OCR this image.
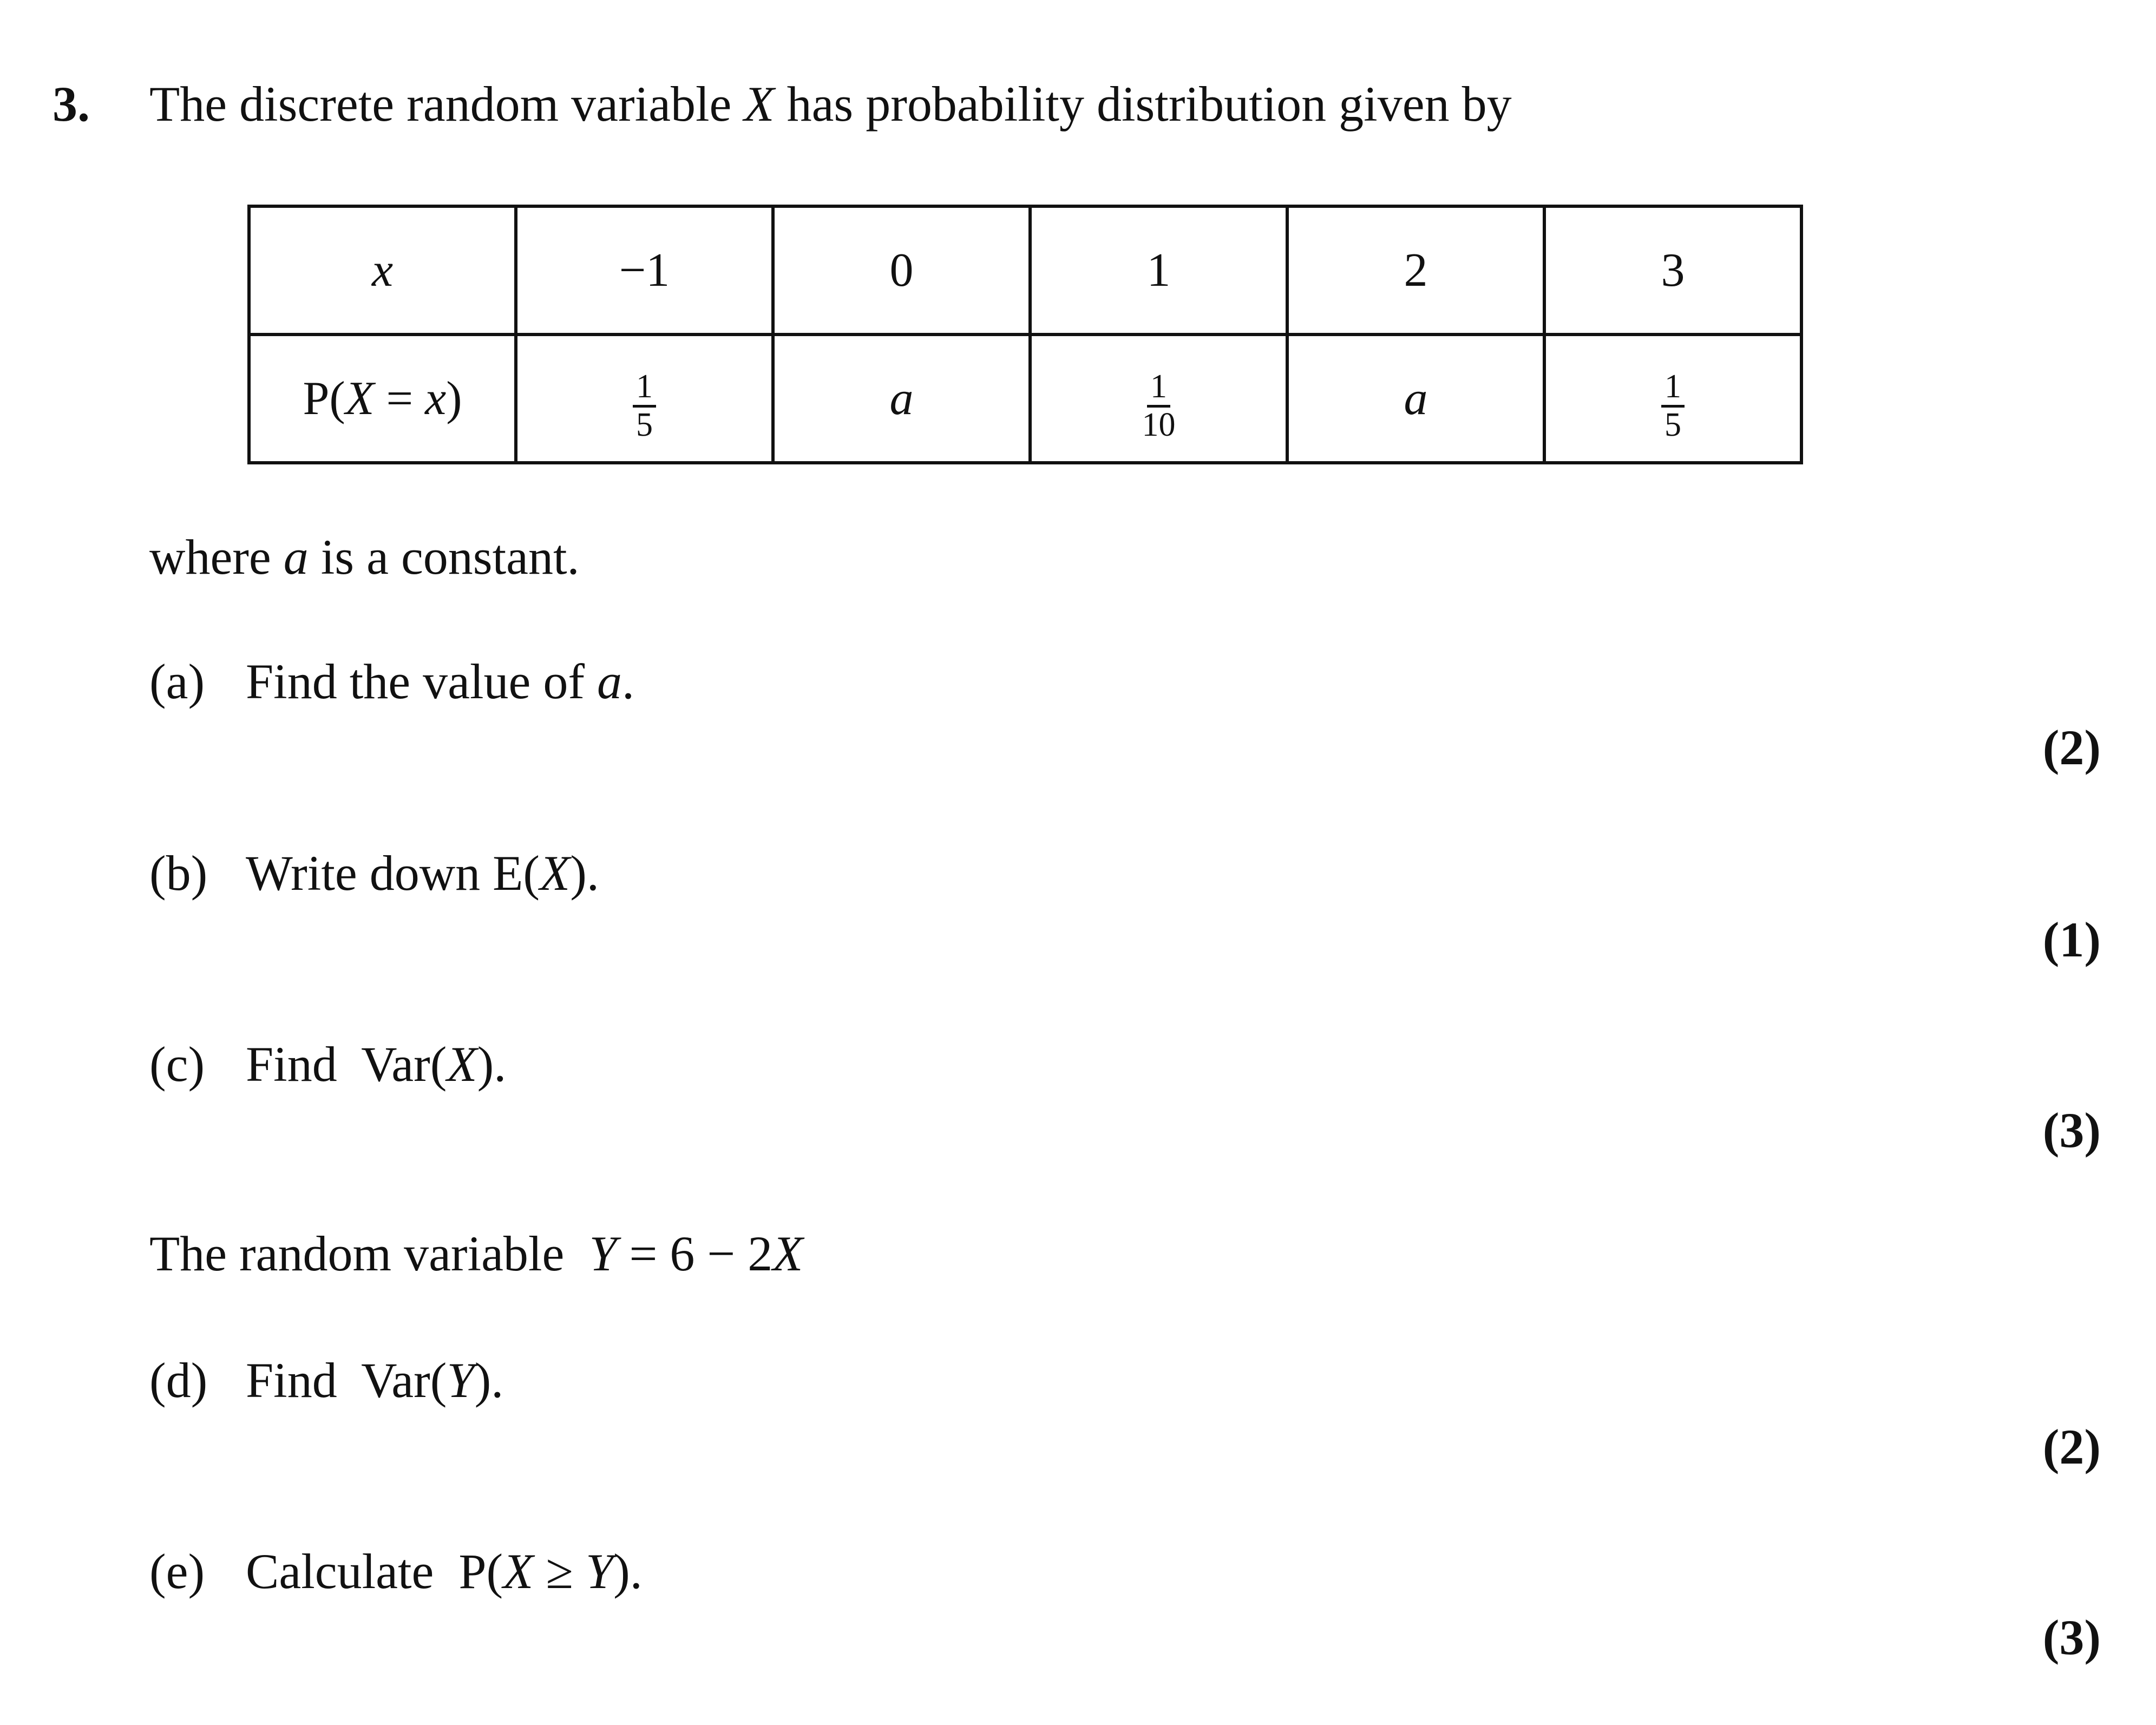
3. The discrete random variable X has probability distribution given by
x	−1	0	1	2	3
P(X = x)	$\frac{1}{5}$	a	$\frac{1}{10}$	a	$\frac{1}{5}$
where a is a constant.
(a) Find the value of a.
(2)
(b) Write down E(X).
(1)
(c) Find  Var(X).
(3)
The random variable  Y = 6 − 2X
(d) Find  Var(Y).
(2)
(e) Calculate  P(X ≥ Y).
(3)
